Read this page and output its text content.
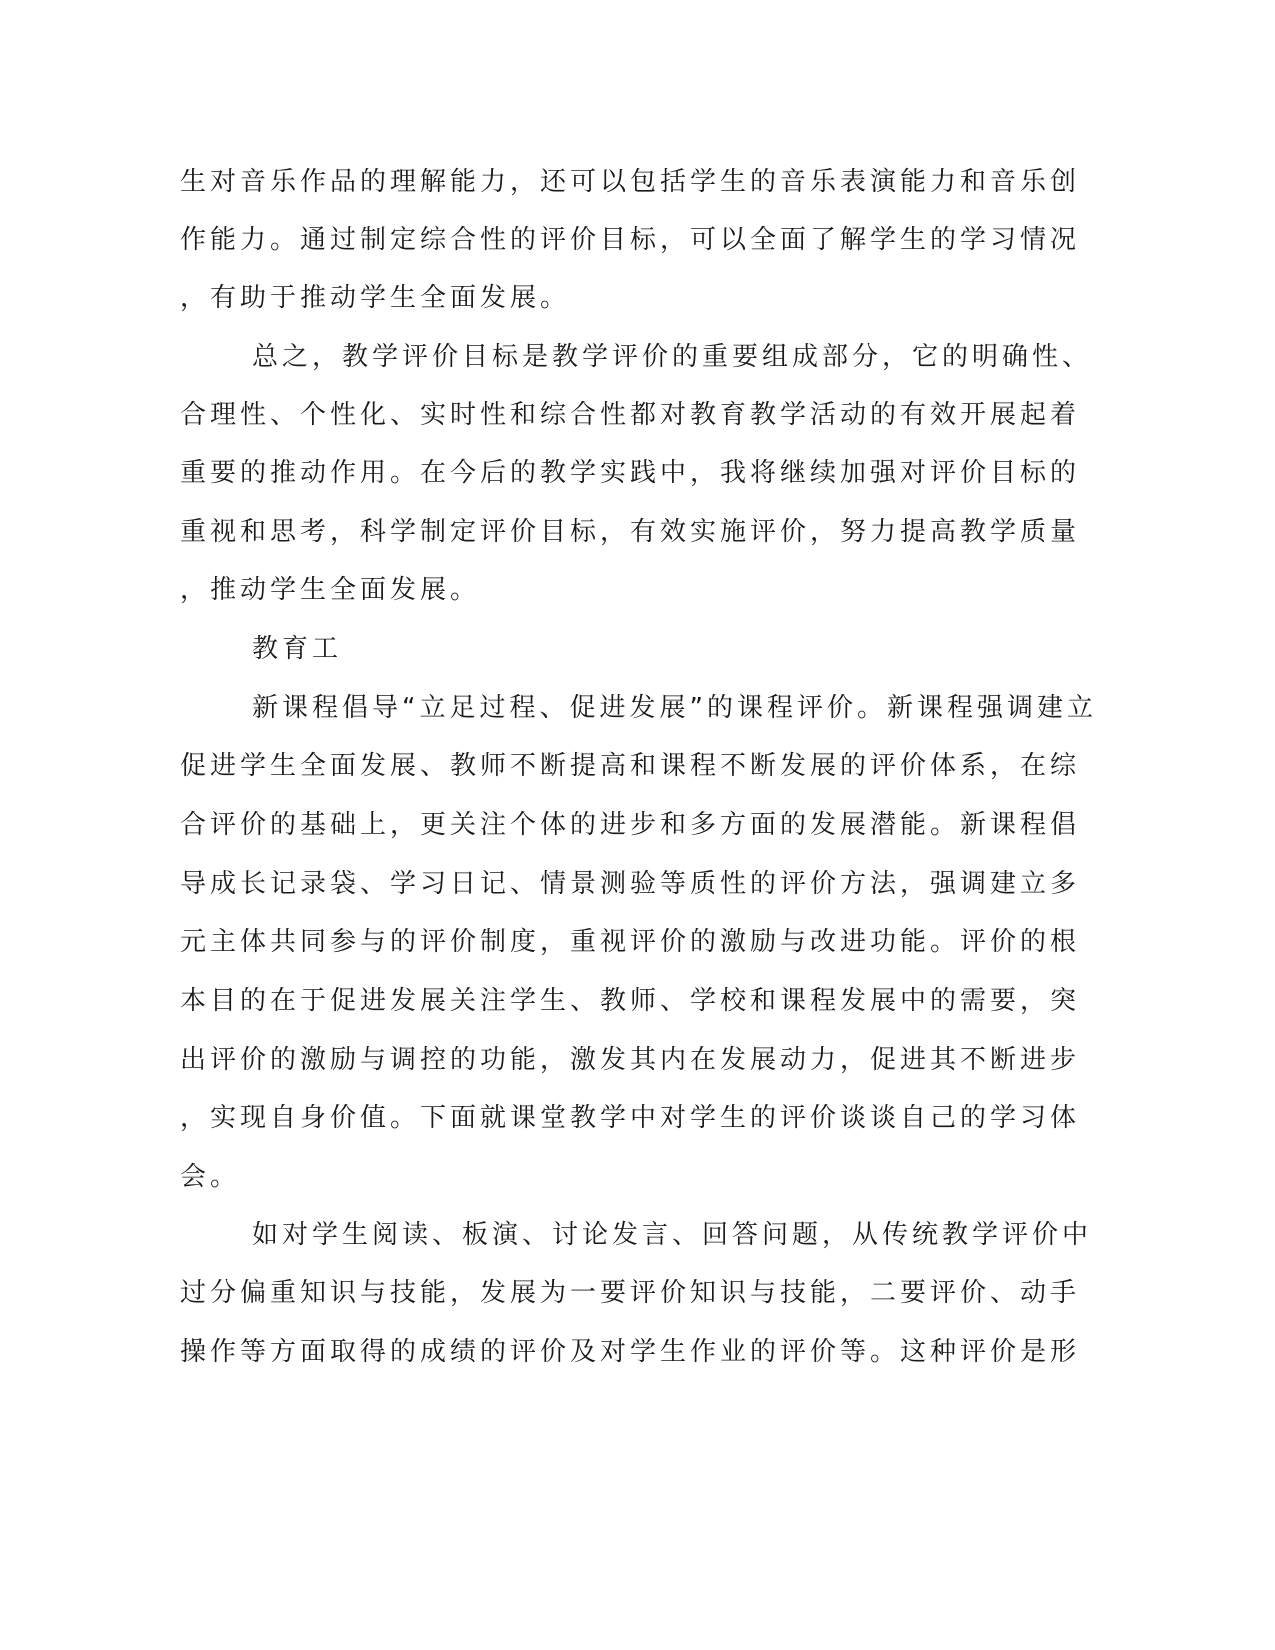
生对音乐作品的理解能力，还可以包括学生的音乐表演能力和音乐创
作能力。通过制定综合性的评价目标，可以全面了解学生的学习情况
，有助于推动学生全面发展。
总之，教学评价目标是教学评价的重要组成部分，它的明确性、
合理性、个性化、实时性和综合性都对教育教学活动的有效开展起着
重要的推动作用。在今后的教学实践中，我将继续加强对评价目标的
重视和思考，科学制定评价目标，有效实施评价，努力提高教学质量
，推动学生全面发展。
教育工
新课程倡导“立足过程、促进发展”的课程评价。新课程强调建立
促进学生全面发展、教师不断提高和课程不断发展的评价体系，在综
合评价的基础上，更关注个体的进步和多方面的发展潜能。新课程倡
导成长记录袋、学习日记、情景测验等质性的评价方法，强调建立多
元主体共同参与的评价制度，重视评价的激励与改进功能。评价的根
本目的在于促进发展关注学生、教师、学校和课程发展中的需要，突
出评价的激励与调控的功能，激发其内在发展动力，促进其不断进步
，实现自身价值。下面就课堂教学中对学生的评价谈谈自己的学习体
会。
如对学生阅读、板演、讨论发言、回答问题，从传统教学评价中
过分偏重知识与技能，发展为一要评价知识与技能，二要评价、动手
操作等方面取得的成绩的评价及对学生作业的评价等。这种评价是形
